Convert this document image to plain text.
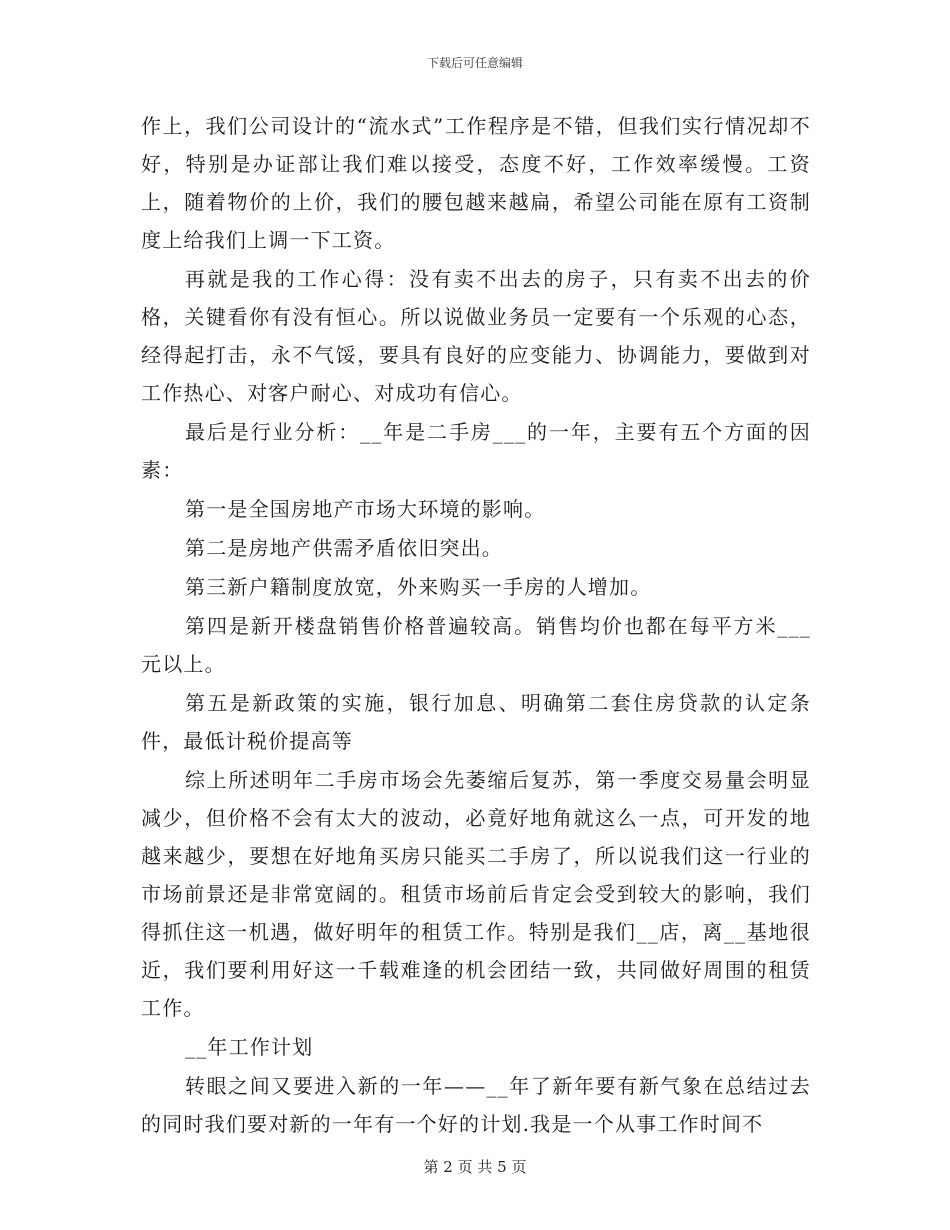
下载后可任意编辑

作上，我们公司设计的“流水式”工作程序是不错，但我们实行情况却不好，特别是办证部让我们难以接受，态度不好，工作效率缓慢。工资上，随着物价的上价，我们的腰包越来越扁，希望公司能在原有工资制度上给我们上调一下工资。

再就是我的工作心得：没有卖不出去的房子，只有卖不出去的价格，关键看你有没有恒心。所以说做业务员一定要有一个乐观的心态，经得起打击，永不气馁，要具有良好的应变能力、协调能力，要做到对工作热心、对客户耐心、对成功有信心。

最后是行业分析：__年是二手房___的一年，主要有五个方面的因素：

第一是全国房地产市场大环境的影响。

第二是房地产供需矛盾依旧突出。

第三新户籍制度放宽，外来购买一手房的人增加。

第四是新开楼盘销售价格普遍较高。销售均价也都在每平方米___元以上。

第五是新政策的实施，银行加息、明确第二套住房贷款的认定条件，最低计税价提高等

综上所述明年二手房市场会先萎缩后复苏，第一季度交易量会明显减少，但价格不会有太大的波动，必竟好地角就这么一点，可开发的地越来越少，要想在好地角买房只能买二手房了，所以说我们这一行业的市场前景还是非常宽阔的。租赁市场前后肯定会受到较大的影响，我们得抓住这一机遇，做好明年的租赁工作。特别是我们__店，离__基地很近，我们要利用好这一千载难逢的机会团结一致，共同做好周围的租赁工作。

__年工作计划

转眼之间又要进入新的一年——__年了新年要有新气象在总结过去的同时我们要对新的一年有一个好的计划.我是一个从事工作时间不

第 2 页 共 5 页
